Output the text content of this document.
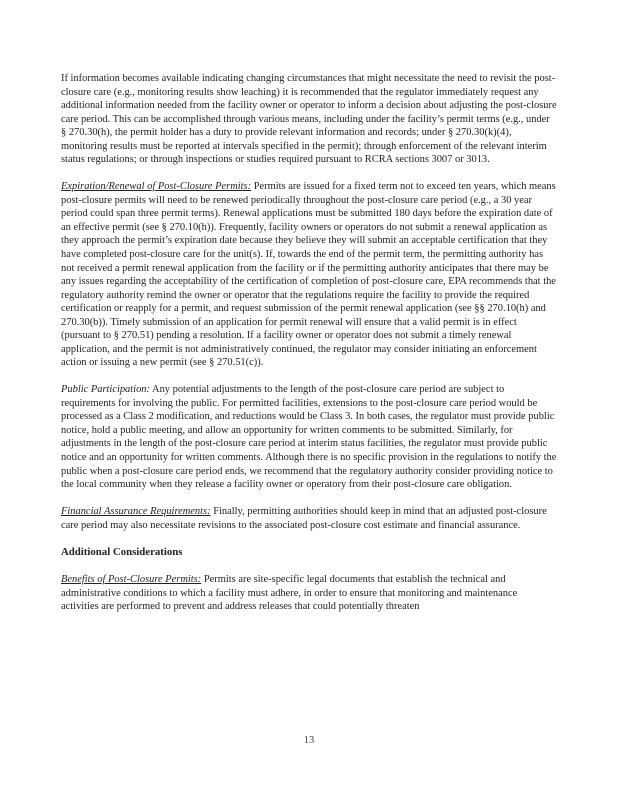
If information becomes available indicating changing circumstances that might necessitate the need to revisit the post-closure care (e.g., monitoring results show leaching) it is recommended that the regulator immediately request any additional information needed from the facility owner or operator to inform a decision about adjusting the post-closure care period. This can be accomplished through various means, including under the facility’s permit terms (e.g., under § 270.30(h), the permit holder has a duty to provide relevant information and records; under § 270.30(k)(4), monitoring results must be reported at intervals specified in the permit); through enforcement of the relevant interim status regulations; or through inspections or studies required pursuant to RCRA sections 3007 or 3013.

Expiration/Renewal of Post-Closure Permits: Permits are issued for a fixed term not to exceed ten years, which means post-closure permits will need to be renewed periodically throughout the post-closure care period (e.g., a 30 year period could span three permit terms). Renewal applications must be submitted 180 days before the expiration date of an effective permit (see § 270.10(h)). Frequently, facility owners or operators do not submit a renewal application as they approach the permit’s expiration date because they believe they will submit an acceptable certification that they have completed post-closure care for the unit(s). If, towards the end of the permit term, the permitting authority has not received a permit renewal application from the facility or if the permitting authority anticipates that there may be any issues regarding the acceptability of the certification of completion of post-closure care, EPA recommends that the regulatory authority remind the owner or operator that the regulations require the facility to provide the required certification or reapply for a permit, and request submission of the permit renewal application (see §§ 270.10(h) and 270.30(b)). Timely submission of an application for permit renewal will ensure that a valid permit is in effect (pursuant to § 270.51) pending a resolution. If a facility owner or operator does not submit a timely renewal application, and the permit is not administratively continued, the regulator may consider initiating an enforcement action or issuing a new permit (see § 270.51(c)).

Public Participation: Any potential adjustments to the length of the post-closure care period are subject to requirements for involving the public. For permitted facilities, extensions to the post-closure care period would be processed as a Class 2 modification, and reductions would be Class 3. In both cases, the regulator must provide public notice, hold a public meeting, and allow an opportunity for written comments to be submitted. Similarly, for adjustments in the length of the post-closure care period at interim status facilities, the regulator must provide public notice and an opportunity for written comments. Although there is no specific provision in the regulations to notify the public when a post-closure care period ends, we recommend that the regulatory authority consider providing notice to the local community when they release a facility owner or operatory from their post-closure care obligation.

Financial Assurance Requirements: Finally, permitting authorities should keep in mind that an adjusted post-closure care period may also necessitate revisions to the associated post-closure cost estimate and financial assurance.

Additional Considerations

Benefits of Post-Closure Permits: Permits are site-specific legal documents that establish the technical and administrative conditions to which a facility must adhere, in order to ensure that monitoring and maintenance activities are performed to prevent and address releases that could potentially threaten

13
